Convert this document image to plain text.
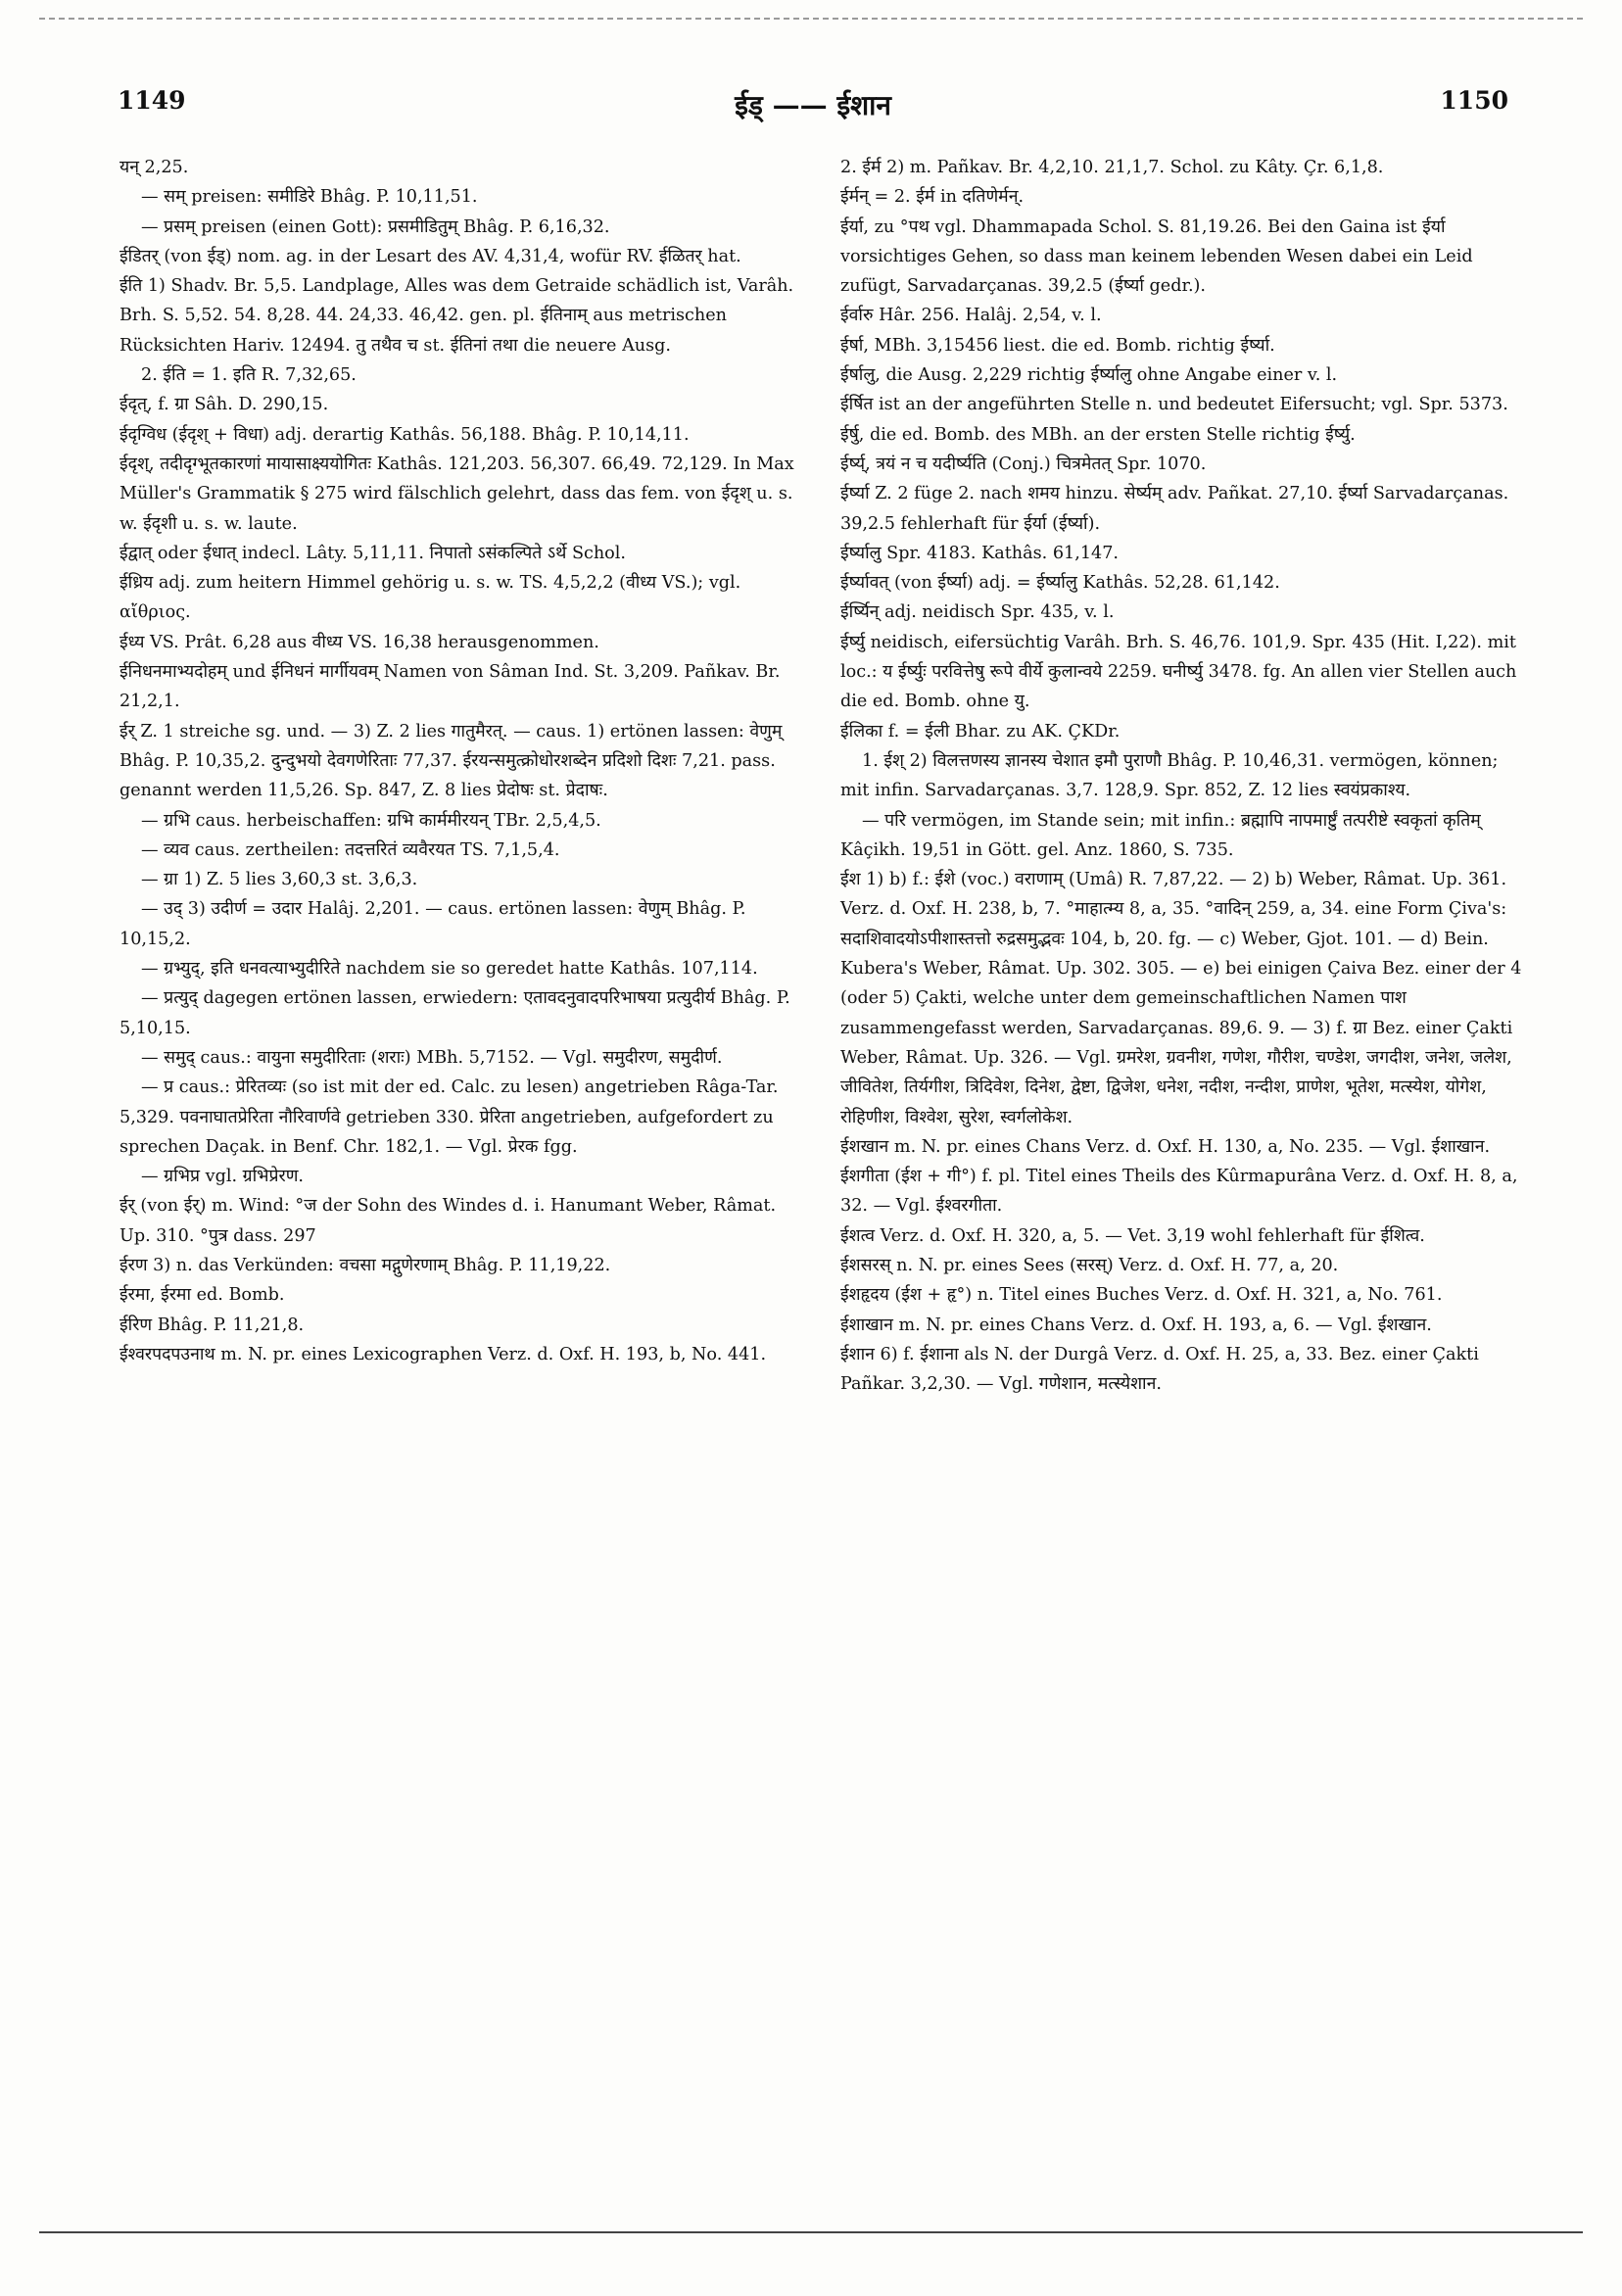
1149	ईड् —— ईशान	1150

यन् 2,25.

— सम् preisen: समीडिरे Bhâg. P. 10,11,51.

— प्रसम् preisen (einen Gott): प्रसमीडितुम् Bhâg. P. 6,16,32.

ईडितर् (von ईड्) nom. ag. in der Lesart des AV. 4,31,4, wofür RV. ईळितर् hat.

ईति 1) Shadv. Br. 5,5. Landplage, Alles was dem Getraide schädlich ist, Varâh. Brh. S. 5,52. 54. 8,28. 44. 24,33. 46,42. gen. pl. ईतिनाम् aus metrischen Rücksichten Hariv. 12494. तु तथैव च st. ईतिनां तथा die neuere Ausg.

2. ईति = 1. इति R. 7,32,65.

ईदृत्, f. ग्रा Sâh. D. 290,15.

ईदृग्विध (ईदृश् + विधा) adj. derartig Kathâs. 56,188. Bhâg. P. 10,14,11.

ईदृश्, तदीदृग्भूतकारणां मायासाक्ष्ययोगितः Kathâs. 121,203. 56,307. 66,49. 72,129. In Max Müller's Grammatik § 275 wird fälschlich gelehrt, dass das fem. von ईदृश् u. s. w. ईदृशी u. s. w. laute.

ईद्वात् oder ईधात् indecl. Lâty. 5,11,11. निपातो ऽसंकल्पिते ऽर्थे Schol.

ईध्रिय adj. zum heitern Himmel gehörig u. s. w. TS. 4,5,2,2 (वीध्य VS.); vgl. αἴθριος.

ईध्य VS. Prât. 6,28 aus वीध्य VS. 16,38 herausgenommen.

ईनिधनमाभ्यदोहम् und ईनिधनं मार्गीयवम् Namen von Sâman Ind. St. 3,209. Pañkav. Br. 21,2,1.

ईर् Z. 1 streiche sg. und. — 3) Z. 2 lies गातुमैरत्. — caus. 1) ertönen lassen: वेणुम् Bhâg. P. 10,35,2. दुन्दुभयो देवगणेरिताः 77,37. ईरयन्समुत्क्रोधोरशब्देन प्रदिशो दिशः 7,21. pass. genannt werden 11,5,26. Sp. 847, Z. 8 lies प्रेदोषः st. प्रेदाषः.

— ग्रभि caus. herbeischaffen: ग्रभि कार्ममीरयन् TBr. 2,5,4,5.

— व्यव caus. zertheilen: तदत्तरितं व्यवैरयत TS. 7,1,5,4.

— ग्रा 1) Z. 5 lies 3,60,3 st. 3,6,3.

— उद् 3) उदीर्ण = उदार Halâj. 2,201. — caus. ertönen lassen: वेणुम् Bhâg. P. 10,15,2.

— ग्रभ्युद्, इति धनवत्याभ्युदीरिते nachdem sie so geredet hatte Kathâs. 107,114.

— प्रत्युद् dagegen ertönen lassen, erwiedern: एतावदनुवादपरिभाषया प्रत्युदीर्य Bhâg. P. 5,10,15.

— समुद् caus.: वायुना समुदीरिताः (शराः) MBh. 5,7152. — Vgl. समुदीरण, समुदीर्ण.

— प्र caus.: प्रेरितव्यः (so ist mit der ed. Calc. zu lesen) angetrieben Râga-Tar. 5,329. पवनाघातप्रेरिता नौरिवार्णवे getrieben 330. प्रेरिता angetrieben, aufgefordert zu sprechen Daçak. in Benf. Chr. 182,1. — Vgl. प्रेरक fgg.

— ग्रभिप्र vgl. ग्रभिप्रेरण.

ईर् (von ईर्) m. Wind: °ज der Sohn des Windes d. i. Hanumant Weber, Râmat. Up. 310. °पुत्र dass. 297

ईरण 3) n. das Verkünden: वचसा मद्गुणेरणाम् Bhâg. P. 11,19,22.

ईरमा, ईरमा ed. Bomb.

ईरिण Bhâg. P. 11,21,8.

ईश्वरपदपउनाथ m. N. pr. eines Lexicographen Verz. d. Oxf. H. 193, b, No. 441.

2. ईर्म 2) m. Pañkav. Br. 4,2,10. 21,1,7. Schol. zu Kâty. Çr. 6,1,8.

ईर्मन् = 2. ईर्म in दतिणेर्मन्.

ईर्या, zu °पथ vgl. Dhammapada Schol. S. 81,19.26. Bei den Gaina ist ईर्या vorsichtiges Gehen, so dass man keinem lebenden Wesen dabei ein Leid zufügt, Sarvadarçanas. 39,2.5 (ईर्ष्या gedr.).

ईर्वारु Hâr. 256. Halâj. 2,54, v. l.

ईर्षा, MBh. 3,15456 liest. die ed. Bomb. richtig ईर्ष्या.

ईर्षालु, die Ausg. 2,229 richtig ईर्ष्यालु ohne Angabe einer v. l.

ईर्षित ist an der angeführten Stelle n. und bedeutet Eifersucht; vgl. Spr. 5373.

ईर्षु, die ed. Bomb. des MBh. an der ersten Stelle richtig ईर्ष्यु.

ईर्ष्य्, त्रयं न च यदीर्ष्यति (Conj.) चित्रमेतत् Spr. 1070.

ईर्ष्या Z. 2 füge 2. nach शमय hinzu. सेर्ष्यम् adv. Pañkat. 27,10. ईर्ष्या Sarvadarçanas. 39,2.5 fehlerhaft für ईर्या (ईर्ष्या).

ईर्ष्यालु Spr. 4183. Kathâs. 61,147.

ईर्ष्यावत् (von ईर्ष्या) adj. = ईर्ष्यालु Kathâs. 52,28. 61,142.

ईर्ष्यिन् adj. neidisch Spr. 435, v. l.

ईर्ष्यु neidisch, eifersüchtig Varâh. Brh. S. 46,76. 101,9. Spr. 435 (Hit. I,22). mit loc.: य ईर्ष्युः परवित्तेषु रूपे वीर्ये कुलान्वये 2259. घनीर्ष्यु 3478. fg. An allen vier Stellen auch die ed. Bomb. ohne यु.

ईलिका f. = ईली Bhar. zu AK. ÇKDr.

1. ईश् 2) विलत्तणस्य ज्ञानस्य चेशात इमौ पुराणौ Bhâg. P. 10,46,31. vermögen, können; mit infin. Sarvadarçanas. 3,7. 128,9. Spr. 852, Z. 12 lies स्वयंप्रकाश्य.

— परि vermögen, im Stande sein; mit infin.: ब्रह्मापि नापमार्ष्टुं तत्परीष्टे स्वकृतां कृतिम् Kâçikh. 19,51 in Gött. gel. Anz. 1860, S. 735.

ईश 1) b) f.: ईशे (voc.) वराणाम् (Umâ) R. 7,87,22. — 2) b) Weber, Râmat. Up. 361. Verz. d. Oxf. H. 238, b, 7. °माहात्म्य 8, a, 35. °वादिन् 259, a, 34. eine Form Çiva's: सदाशिवादयोऽपीशास्तत्तो रुद्रसमुद्भवः 104, b, 20. fg. — c) Weber, Gjot. 101. — d) Bein. Kubera's Weber, Râmat. Up. 302. 305. — e) bei einigen Çaiva Bez. einer der 4 (oder 5) Çakti, welche unter dem gemeinschaftlichen Namen पाश zusammengefasst werden, Sarvadarçanas. 89,6. 9. — 3) f. ग्रा Bez. einer Çakti Weber, Râmat. Up. 326. — Vgl. ग्रमरेश, ग्रवनीश, गणेश, गौरीश, चण्डेश, जगदीश, जनेश, जलेश, जीवितेश, तिर्यगीश, त्रिदिवेश, दिनेश, द्वेष्टा, द्विजेश, धनेश, नदीश, नन्दीश, प्राणेश, भूतेश, मत्स्येश, योगेश, रोहिणीश, विश्वेश, सुरेश, स्वर्गलोकेश.

ईशखान m. N. pr. eines Chans Verz. d. Oxf. H. 130, a, No. 235. — Vgl. ईशाखान.

ईशगीता (ईश + गी°) f. pl. Titel eines Theils des Kûrmapurâna Verz. d. Oxf. H. 8, a, 32. — Vgl. ईश्वरगीता.

ईशत्व Verz. d. Oxf. H. 320, a, 5. — Vet. 3,19 wohl fehlerhaft für ईशित्व.

ईशसरस् n. N. pr. eines Sees (सरस्) Verz. d. Oxf. H. 77, a, 20.

ईशहृदय (ईश + हृ°) n. Titel eines Buches Verz. d. Oxf. H. 321, a, No. 761.

ईशाखान m. N. pr. eines Chans Verz. d. Oxf. H. 193, a, 6. — Vgl. ईशखान.

ईशान 6) f. ईशाना als N. der Durgâ Verz. d. Oxf. H. 25, a, 33. Bez. einer Çakti Pañkar. 3,2,30. — Vgl. गणेशान, मत्स्येशान.
